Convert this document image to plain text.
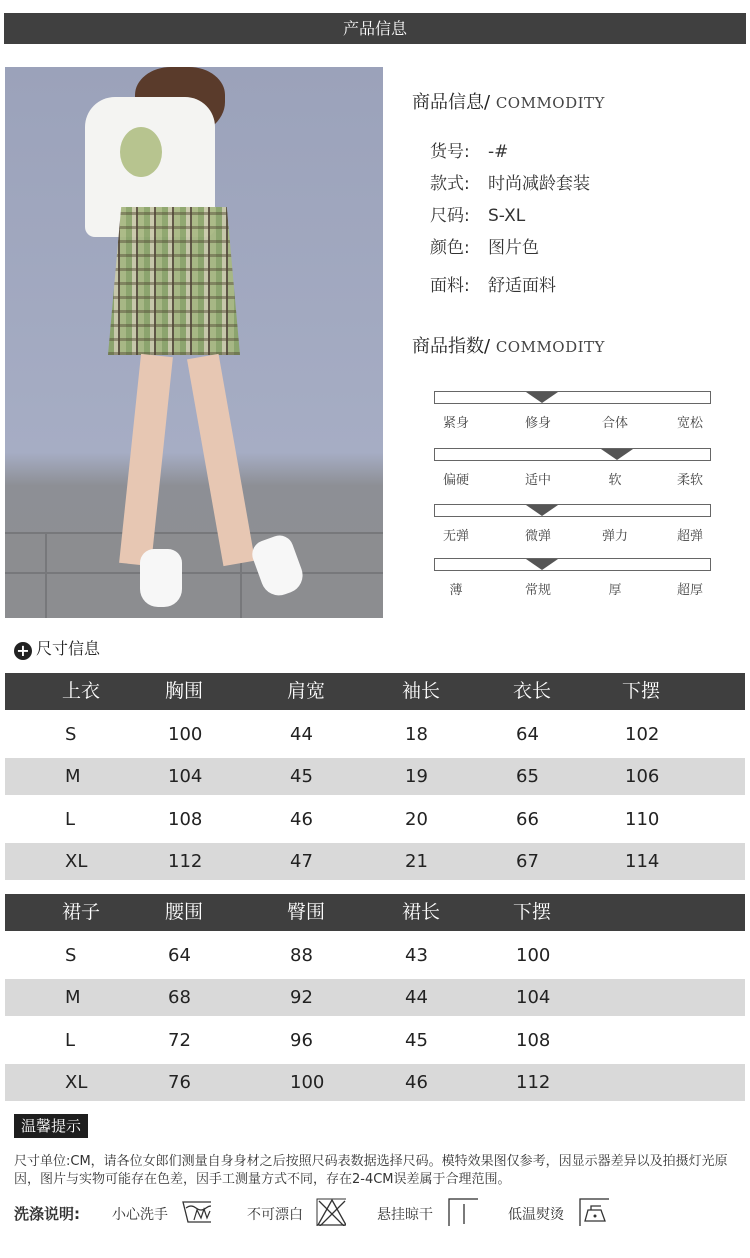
产品信息
商品信息/ COMMODITY
货号: -#
款式: 时尚减龄套装
尺码: S-XL
颜色: 图片色
面料: 舒适面料
商品指数/ COMMODITY
紧身	修身	合体	宽松
偏硬	适中	软	柔软
无弹	微弹	弹力	超弹
薄	常规	厚	超厚
+ 尺寸信息
上衣	胸围	肩宽	袖长	衣长	下摆
S	100	44	18	64	102
M	104	45	19	65	106
L	108	46	20	66	110
XL	112	47	21	67	114
裙子	腰围	臀围	裙长	下摆
S	64	88	43	100
M	68	92	44	104
L	72	96	45	108
XL	76	100	46	112
温馨提示
尺寸单位:CM，请各位女郎们测量自身身材之后按照尺码表数据选择尺码。模特效果图仅参考，因显示器差异以及拍摄灯光原因，图片与实物可能存在色差，因手工测量方式不同，存在2-4CM误差属于合理范围。
洗涤说明: 小心洗手	不可漂白	悬挂晾干	低温熨烫
